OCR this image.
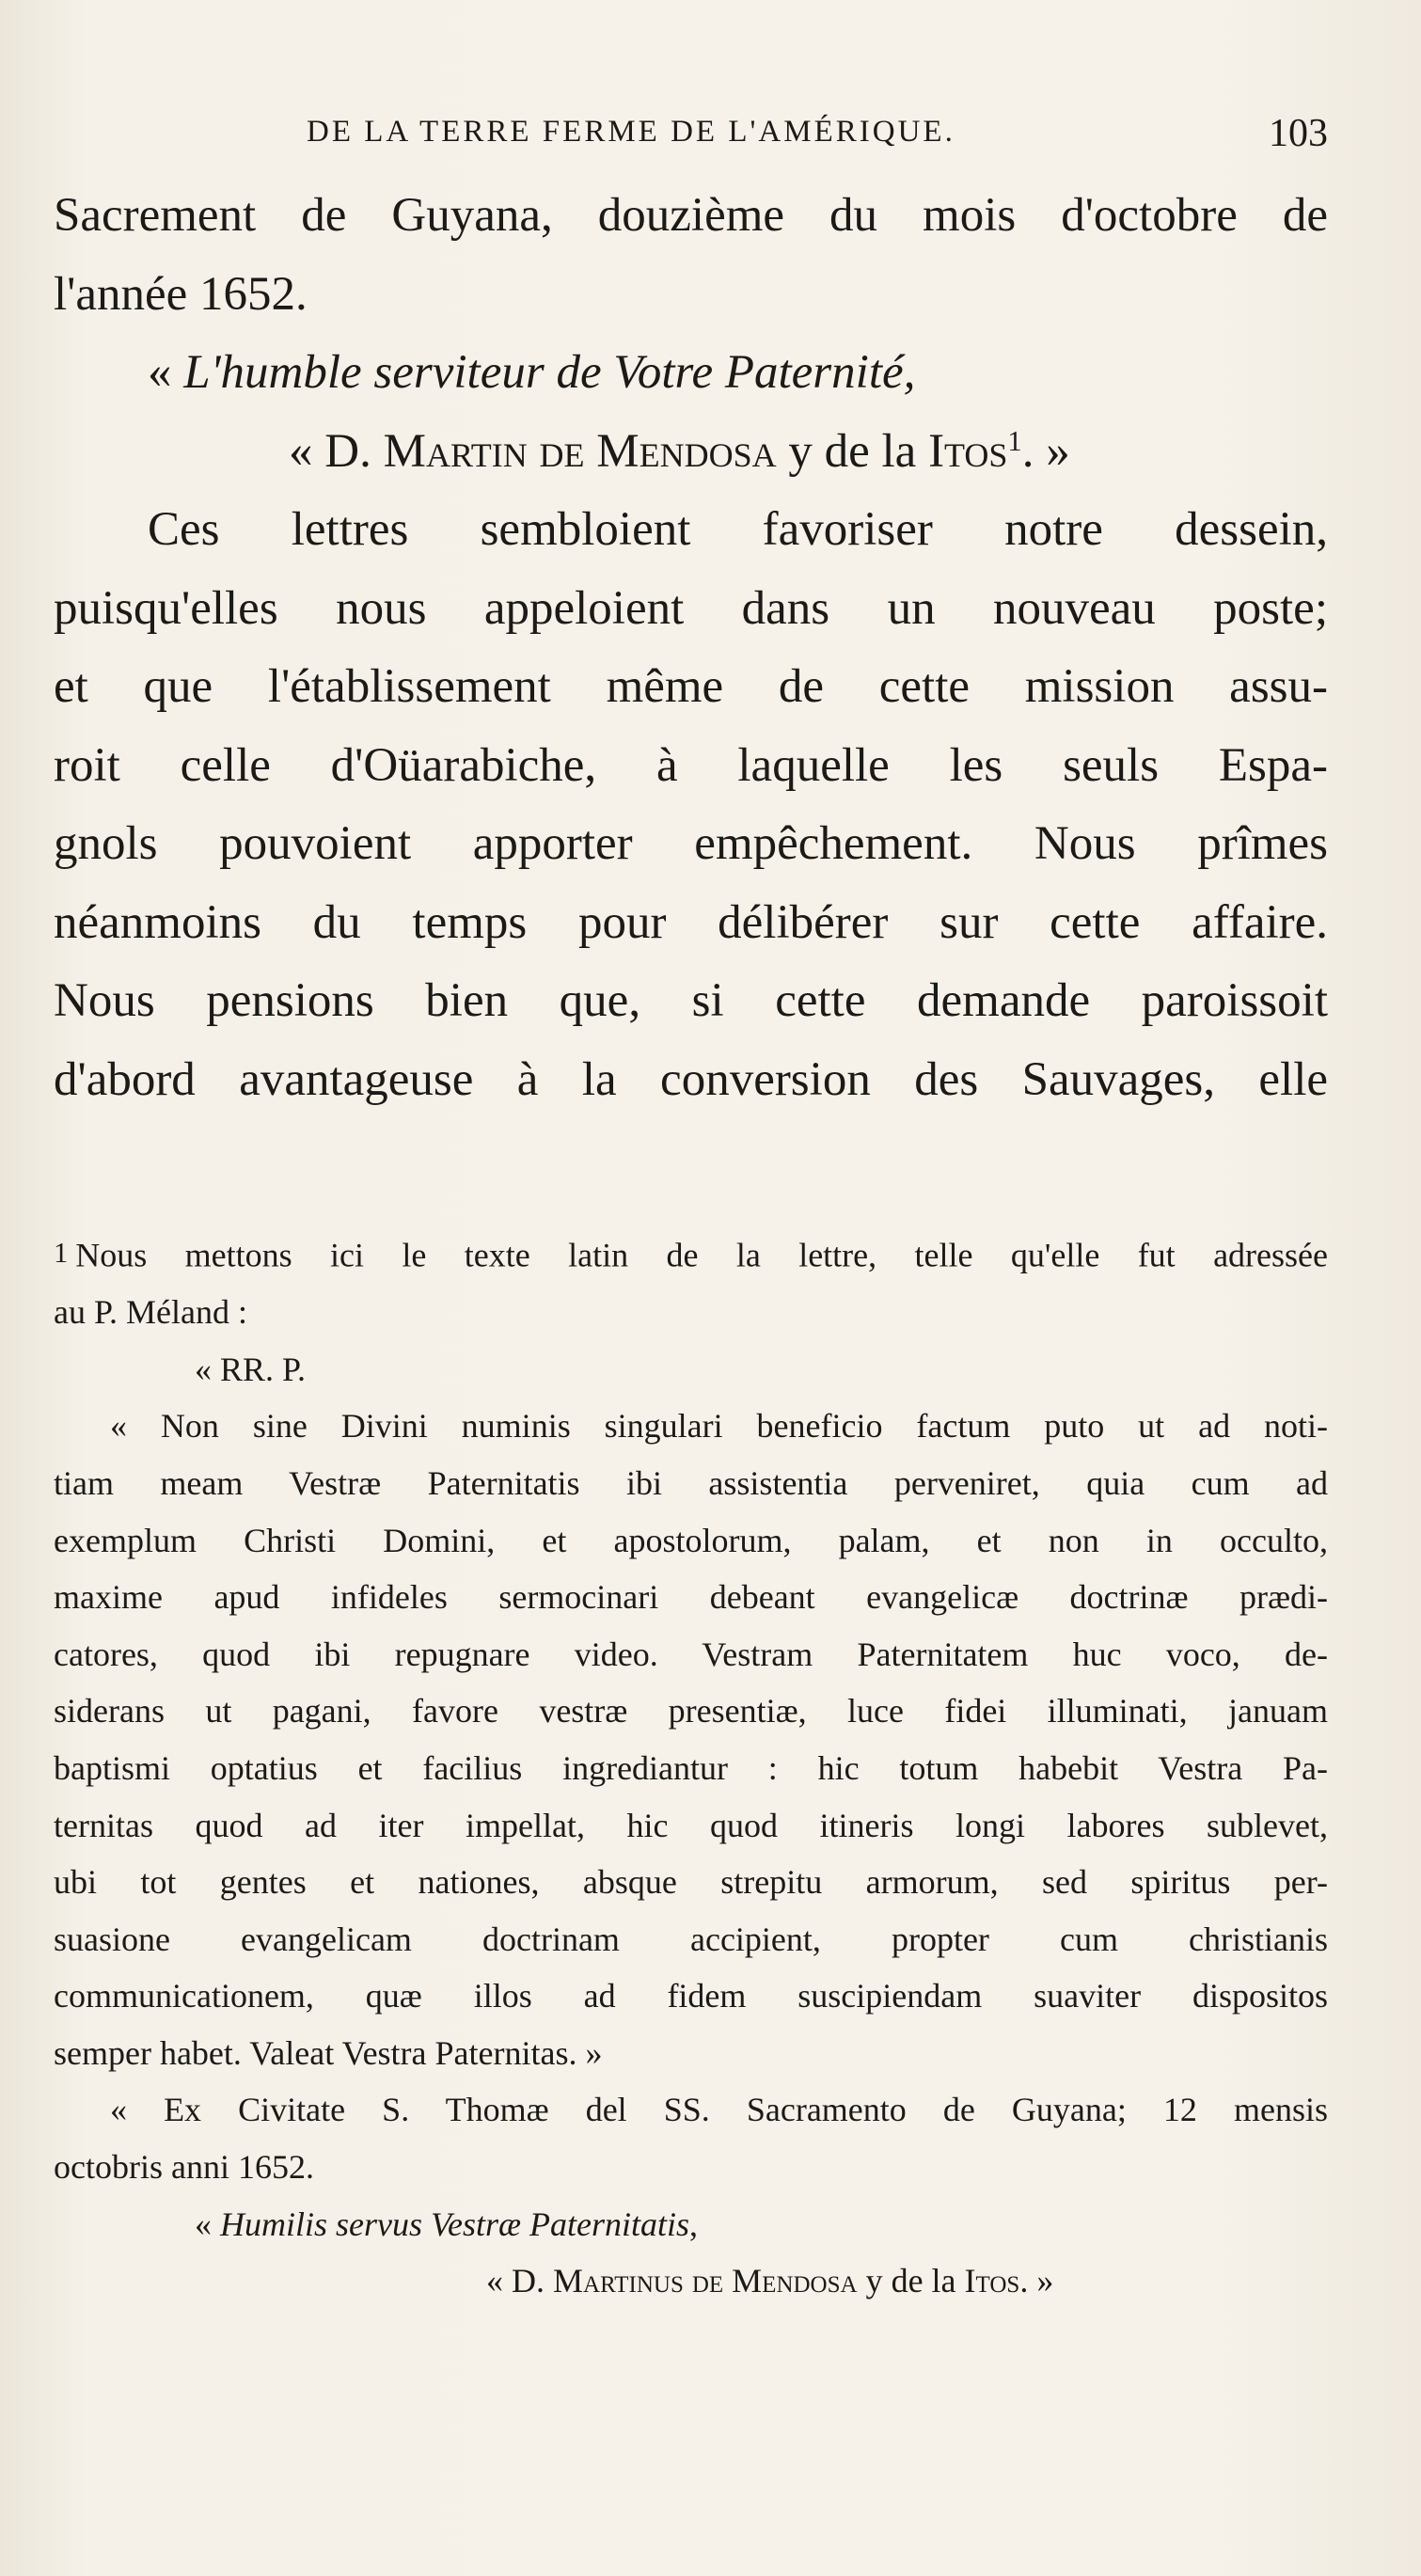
DE LA TERRE FERME DE L'AMÉRIQUE.	103
Sacrement de Guyana, douzième du mois d'octobre de
l'année 1652.
« L'humble serviteur de Votre Paternité,
« D. Martin de Mendosa y de la Itos$^1$. »
Ces lettres sembloient favoriser notre dessein,
puisqu'elles nous appeloient dans un nouveau poste;
et que l'établissement même de cette mission assu-
roit celle d'Oüarabiche, à laquelle les seuls Espa-
gnols pouvoient apporter empêchement. Nous prîmes
néanmoins du temps pour délibérer sur cette affaire.
Nous pensions bien que, si cette demande paroissoit
d'abord avantageuse à la conversion des Sauvages, elle
1 Nous mettons ici le texte latin de la lettre, telle qu'elle fut adressée
au P. Méland :
« RR. P.
« Non sine Divini numinis singulari beneficio factum puto ut ad noti-
tiam meam Vestræ Paternitatis ibi assistentia perveniret, quia cum ad
exemplum Christi Domini, et apostolorum, palam, et non in occulto,
maxime apud infideles sermocinari debeant evangelicæ doctrinæ prædi-
catores, quod ibi repugnare video. Vestram Paternitatem huc voco, de-
siderans ut pagani, favore vestræ presentiæ, luce fidei illuminati, januam
baptismi optatius et facilius ingrediantur : hic totum habebit Vestra Pa-
ternitas quod ad iter impellat, hic quod itineris longi labores sublevet,
ubi tot gentes et nationes, absque strepitu armorum, sed spiritus per-
suasione evangelicam doctrinam accipient, propter cum christianis
communicationem, quæ illos ad fidem suscipiendam suaviter dispositos
semper habet. Valeat Vestra Paternitas. »
« Ex Civitate S. Thomæ del SS. Sacramento de Guyana; 12 mensis
octobris anni 1652.
« Humilis servus Vestræ Paternitatis,
« D. Martinus de Mendosa y de la Itos. »
